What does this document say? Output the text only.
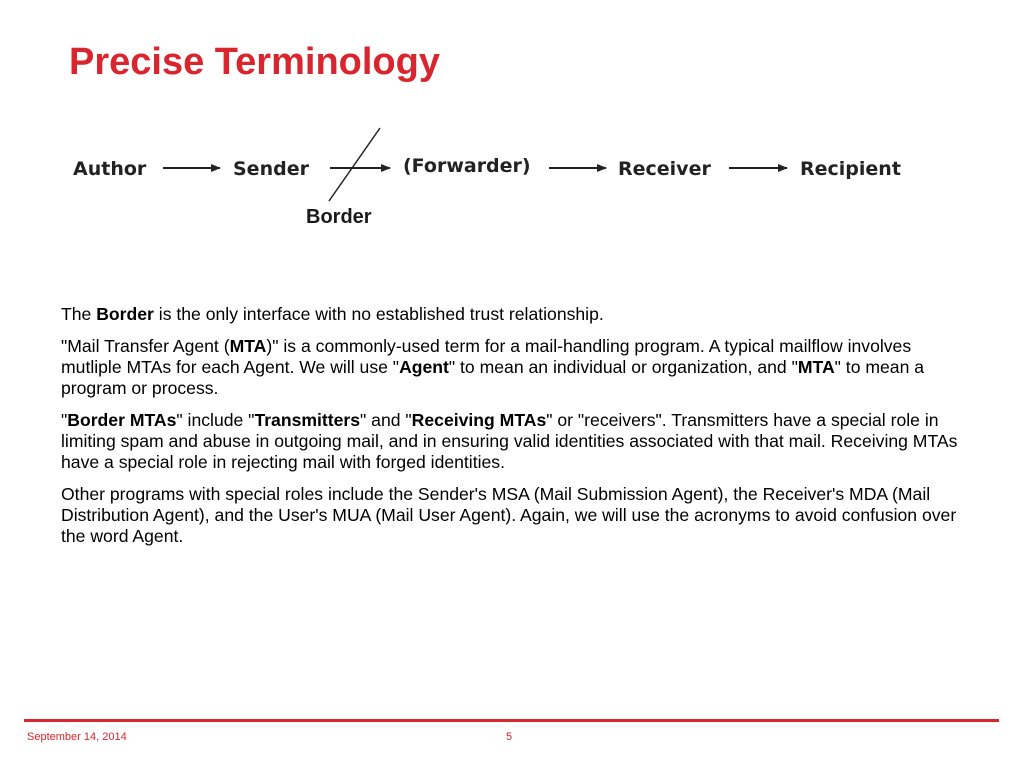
Precise Terminology
Author	Sender	(Forwarder)	Receiver	Recipient
Border

The Border is the only interface with no established trust relationship.

"Mail Transfer Agent (MTA)" is a commonly-used term for a mail-handling program. A typical mailflow involves mutliple MTAs for each Agent. We will use "Agent" to mean an individual or organization, and "MTA" to mean a program or process.

"Border MTAs" include "Transmitters" and "Receiving MTAs" or "receivers". Transmitters have a special role in limiting spam and abuse in outgoing mail, and in ensuring valid identities associated with that mail. Receiving MTAs have a special role in rejecting mail with forged identities.

Other programs with special roles include the Sender's MSA (Mail Submission Agent), the Receiver's MDA (Mail Distribution Agent), and the User's MUA (Mail User Agent). Again, we will use the acronyms to avoid confusion over the word Agent.

September 14, 2014	5
